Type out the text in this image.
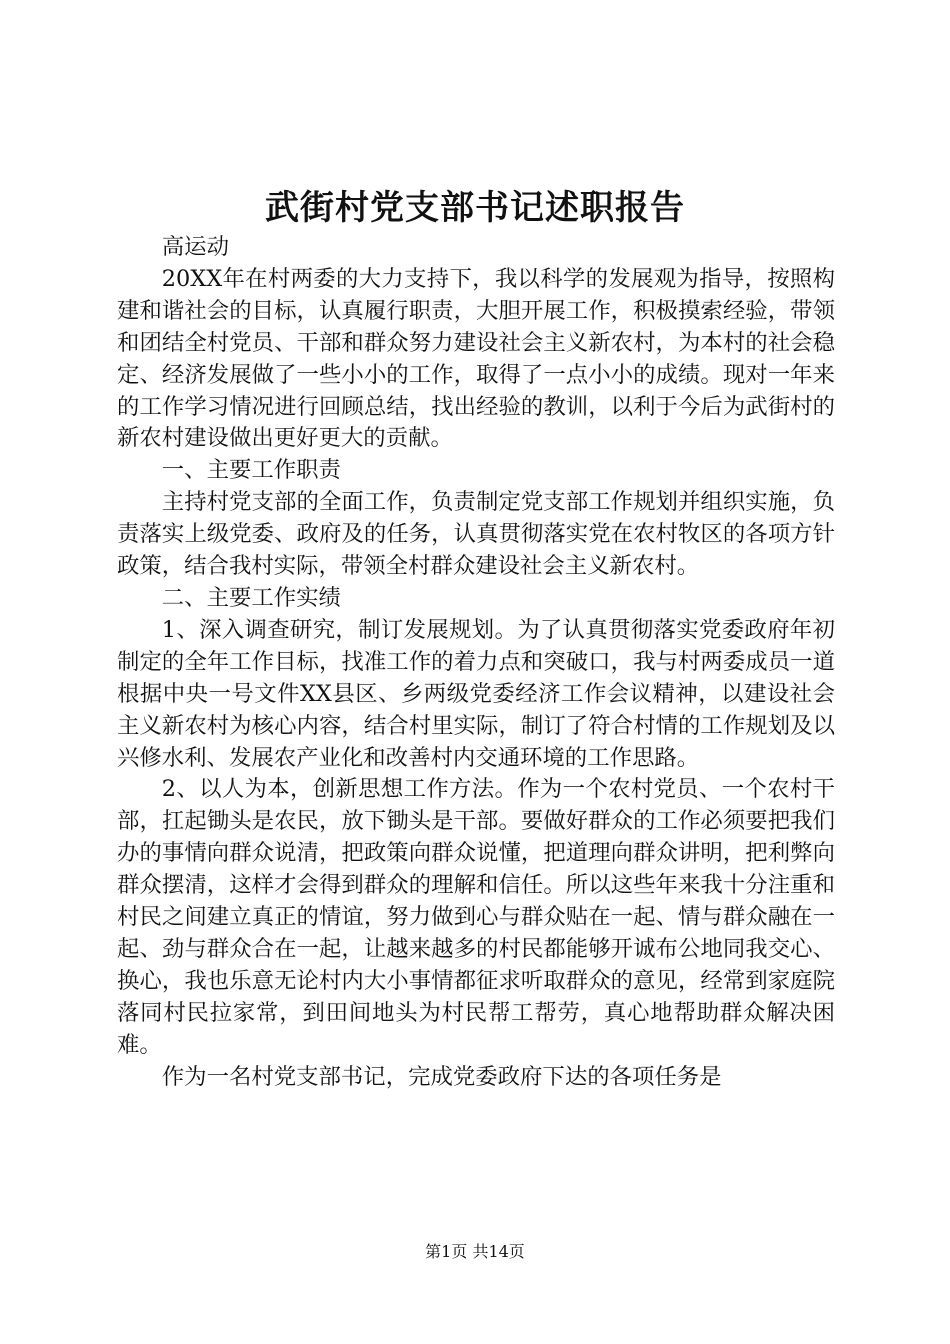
武街村党支部书记述职报告

高运动

20XX年在村两委的大力支持下，我以科学的发展观为指导，按照构建和谐社会的目标，认真履行职责，大胆开展工作，积极摸索经验，带领和团结全村党员、干部和群众努力建设社会主义新农村，为本村的社会稳定、经济发展做了一些小小的工作，取得了一点小小的成绩。现对一年来的工作学习情况进行回顾总结，找出经验的教训，以利于今后为武街村的新农村建设做出更好更大的贡献。

一、主要工作职责

主持村党支部的全面工作，负责制定党支部工作规划并组织实施，负责落实上级党委、政府及的任务，认真贯彻落实党在农村牧区的各项方针政策，结合我村实际，带领全村群众建设社会主义新农村。

二、主要工作实绩

1、深入调查研究，制订发展规划。为了认真贯彻落实党委政府年初制定的全年工作目标，找准工作的着力点和突破口，我与村两委成员一道根据中央一号文件XX县区、乡两级党委经济工作会议精神，以建设社会主义新农村为核心内容，结合村里实际，制订了符合村情的工作规划及以兴修水利、发展农产业化和改善村内交通环境的工作思路。

2、以人为本，创新思想工作方法。作为一个农村党员、一个农村干部，扛起锄头是农民，放下锄头是干部。要做好群众的工作必须要把我们办的事情向群众说清，把政策向群众说懂，把道理向群众讲明，把利弊向群众摆清，这样才会得到群众的理解和信任。所以这些年来我十分注重和村民之间建立真正的情谊，努力做到心与群众贴在一起、情与群众融在一起、劲与群众合在一起，让越来越多的村民都能够开诚布公地同我交心、换心，我也乐意无论村内大小事情都征求听取群众的意见，经常到家庭院落同村民拉家常，到田间地头为村民帮工帮劳，真心地帮助群众解决困难。

作为一名村党支部书记，完成党委政府下达的各项任务是

第1页 共14页
